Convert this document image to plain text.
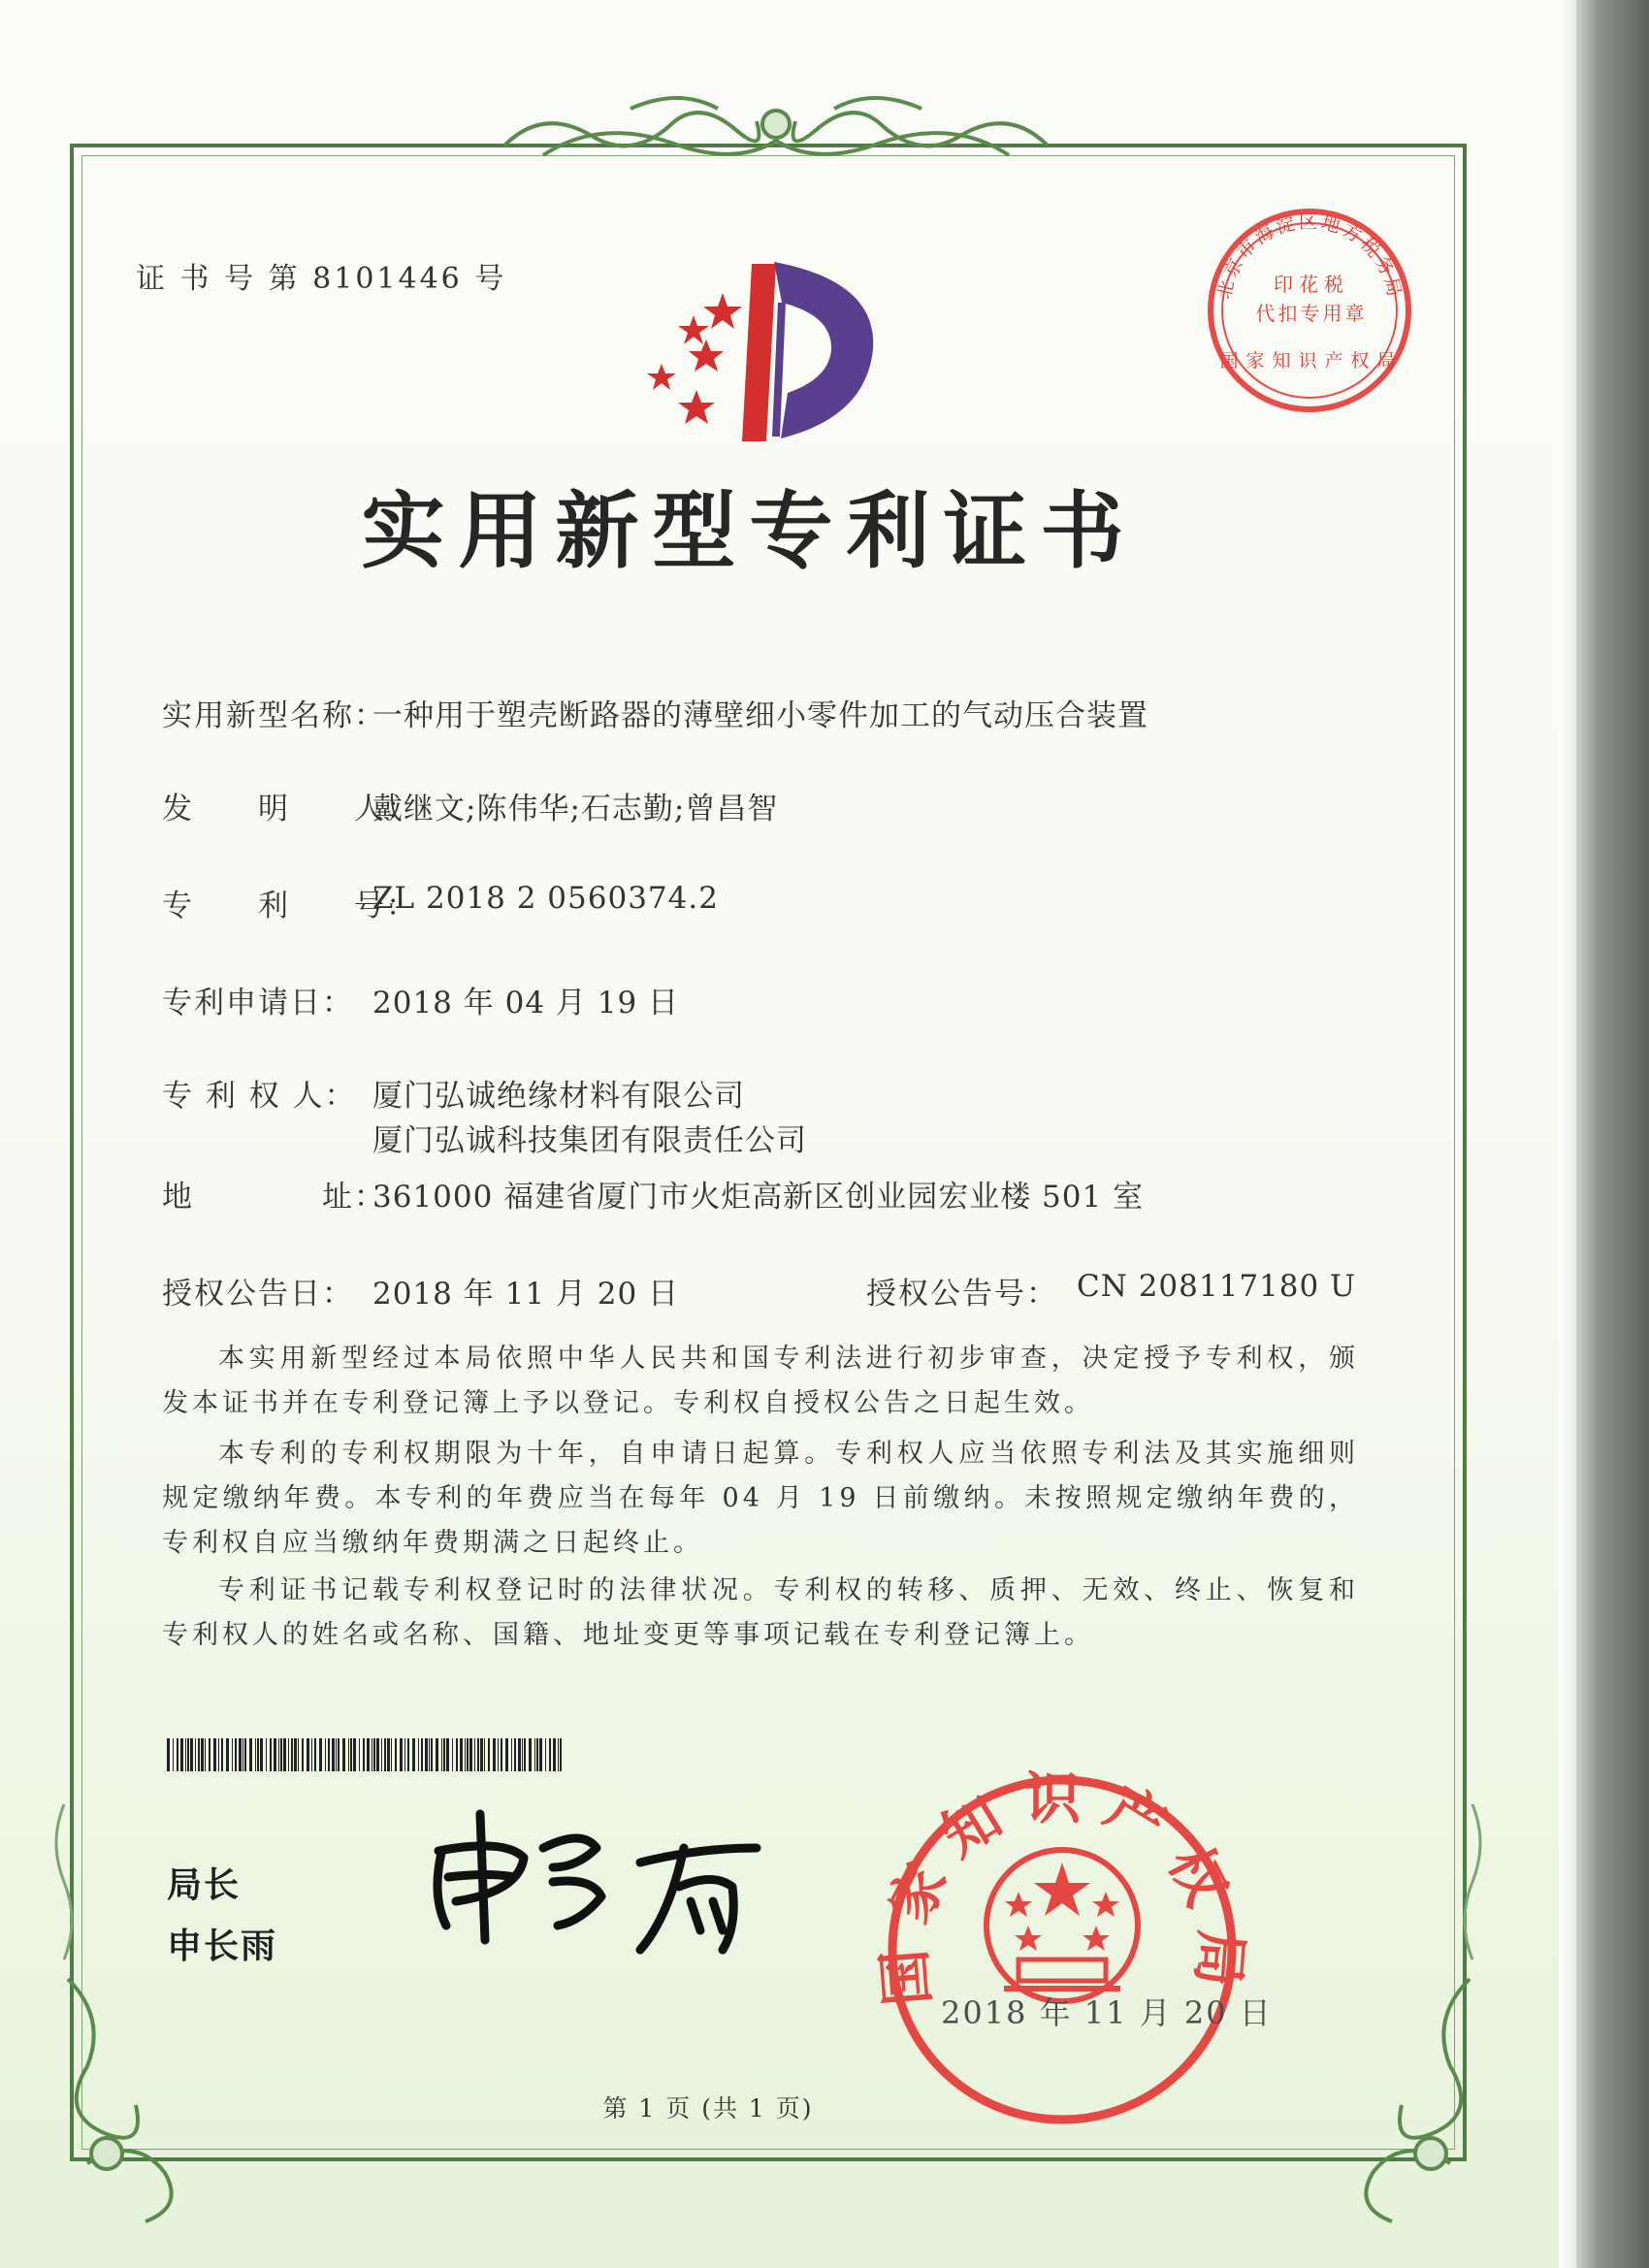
北京市海淀区地方税务局
印花税
代扣专用章
国家知识产权局
国家知识产权局
证 书 号 第 8101446 号
实用新型专利证书
实用新型名称：
一种用于塑壳断路器的薄壁细小零件加工的气动压合装置
发　　明　　人：
戴继文;陈伟华;石志勤;曾昌智
专　　利　　号：
ZL 2018 2 0560374.2
专利申请日： 2018 年 04 月 19 日
专 利 权 人： 厦门弘诚绝缘材料有限公司
厦门弘诚科技集团有限责任公司
地　　　　址：
361000 福建省厦门市火炬高新区创业园宏业楼 501 室
授权公告日： 2018 年 11 月 20 日	授权公告号： CN 208117180 U
本实用新型经过本局依照中华人民共和国专利法进行初步审查，决定授予专利权，颁发本证书并在专利登记簿上予以登记。专利权自授权公告之日起生效。
本专利的专利权期限为十年，自申请日起算。专利权人应当依照专利法及其实施细则规定缴纳年费。本专利的年费应当在每年 04 月 19 日前缴纳。未按照规定缴纳年费的，专利权自应当缴纳年费期满之日起终止。
专利证书记载专利权登记时的法律状况。专利权的转移、质押、无效、终止、恢复和专利权人的姓名或名称、国籍、地址变更等事项记载在专利登记簿上。
局长
申长雨
2018 年 11 月 20 日
第 1 页 (共 1 页)
